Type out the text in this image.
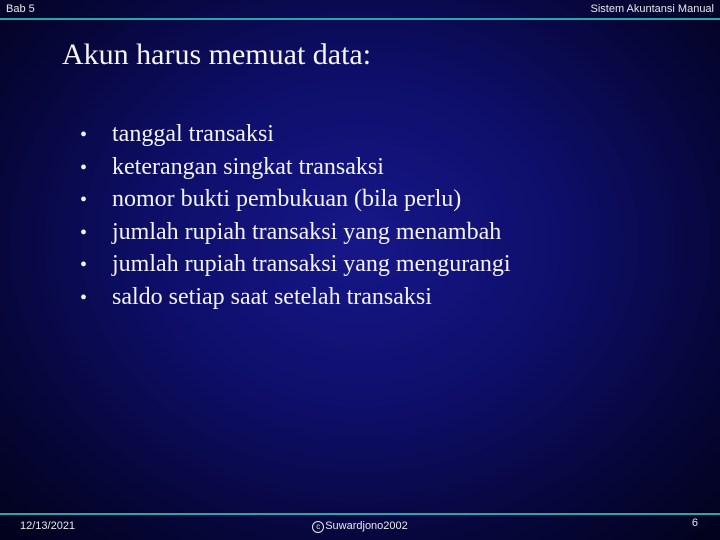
Bab 5	Sistem Akuntansi Manual
Akun harus memuat data:
•	tanggal transaksi
•	keterangan singkat transaksi
•	nomor bukti pembukuan (bila perlu)
•	jumlah rupiah transaksi yang menambah
•	jumlah rupiah transaksi yang mengurangi
•	saldo setiap saat setelah transaksi
12/13/2021	c Suwardjono2002	6
